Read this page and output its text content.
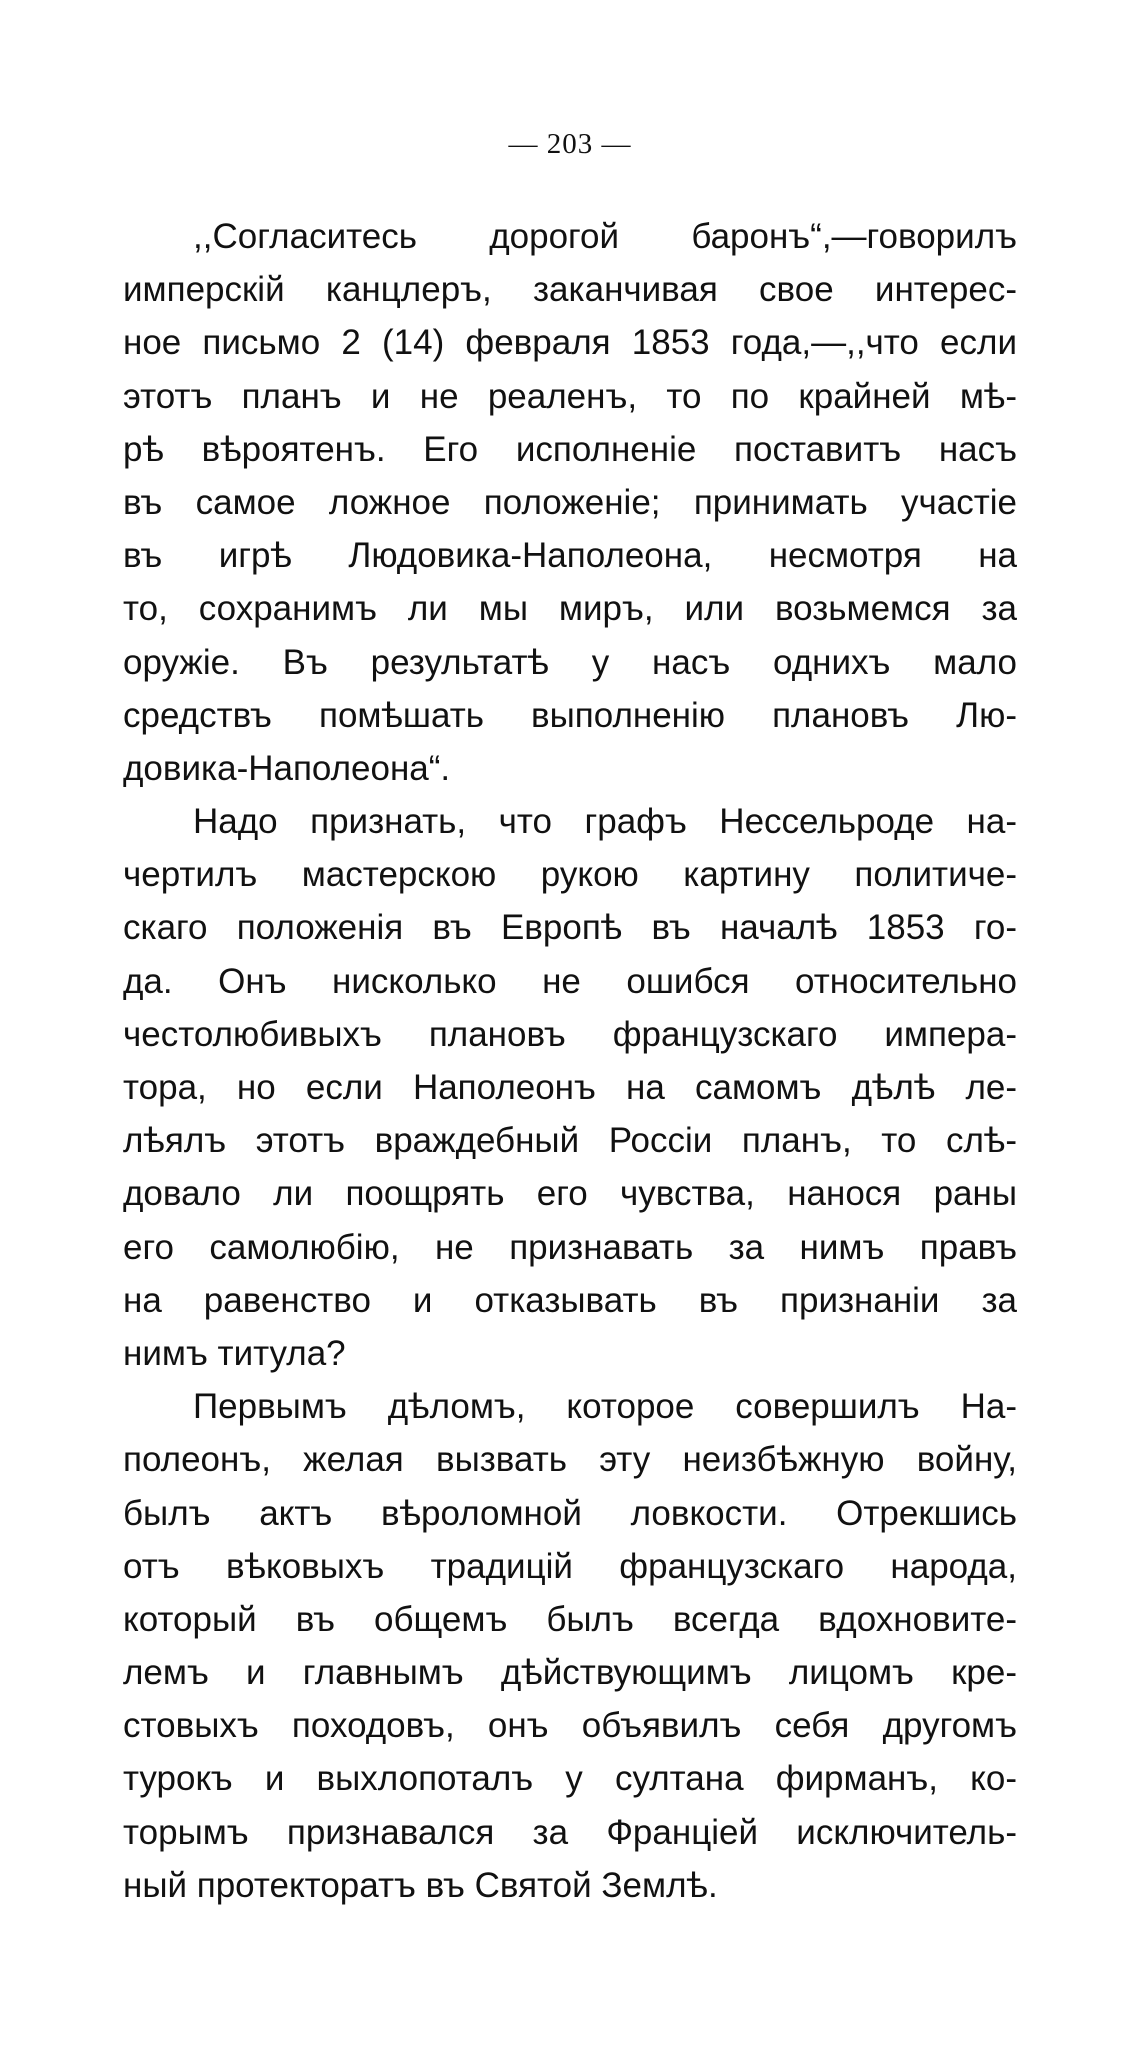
— 203 —
,,Согласитесь дорогой баронъ“,—говорилъ
имперскій канцлеръ, заканчивая свое интерес-
ное письмо 2 (14) февраля 1853 года,—,,что если
этотъ планъ и не реаленъ, то по крайней мѣ-
рѣ вѣроятенъ. Его исполненіе поставитъ насъ
въ самое ложное положеніе; принимать участіе
въ игрѣ Людовика-Наполеона, несмотря на
то, сохранимъ ли мы миръ, или возьмемся за
оружіе. Въ результатѣ у насъ однихъ мало
средствъ помѣшать выполненію плановъ Лю-
довика-Наполеона“.
Надо признать, что графъ Нессельроде на-
чертилъ мастерскою рукою картину политиче-
скаго положенія въ Европѣ въ началѣ 1853 го-
да. Онъ нисколько не ошибся относительно
честолюбивыхъ плановъ французскаго импера-
тора, но если Наполеонъ на самомъ дѣлѣ ле-
лѣялъ этотъ враждебный Россіи планъ, то слѣ-
довало ли поощрять его чувства, нанося раны
его самолюбію, не признавать за нимъ правъ
на равенство и отказывать въ признаніи за
нимъ титула?
Первымъ дѣломъ, которое совершилъ На-
полеонъ, желая вызвать эту неизбѣжную войну,
былъ актъ вѣроломной ловкости. Отрекшись
отъ вѣковыхъ традицій французскаго народа,
который въ общемъ былъ всегда вдохновите-
лемъ и главнымъ дѣйствующимъ лицомъ кре-
стовыхъ походовъ, онъ объявилъ себя другомъ
турокъ и выхлопоталъ у султана фирманъ, ко-
торымъ признавался за Франціей исключитель-
ный протекторатъ въ Святой Землѣ.
